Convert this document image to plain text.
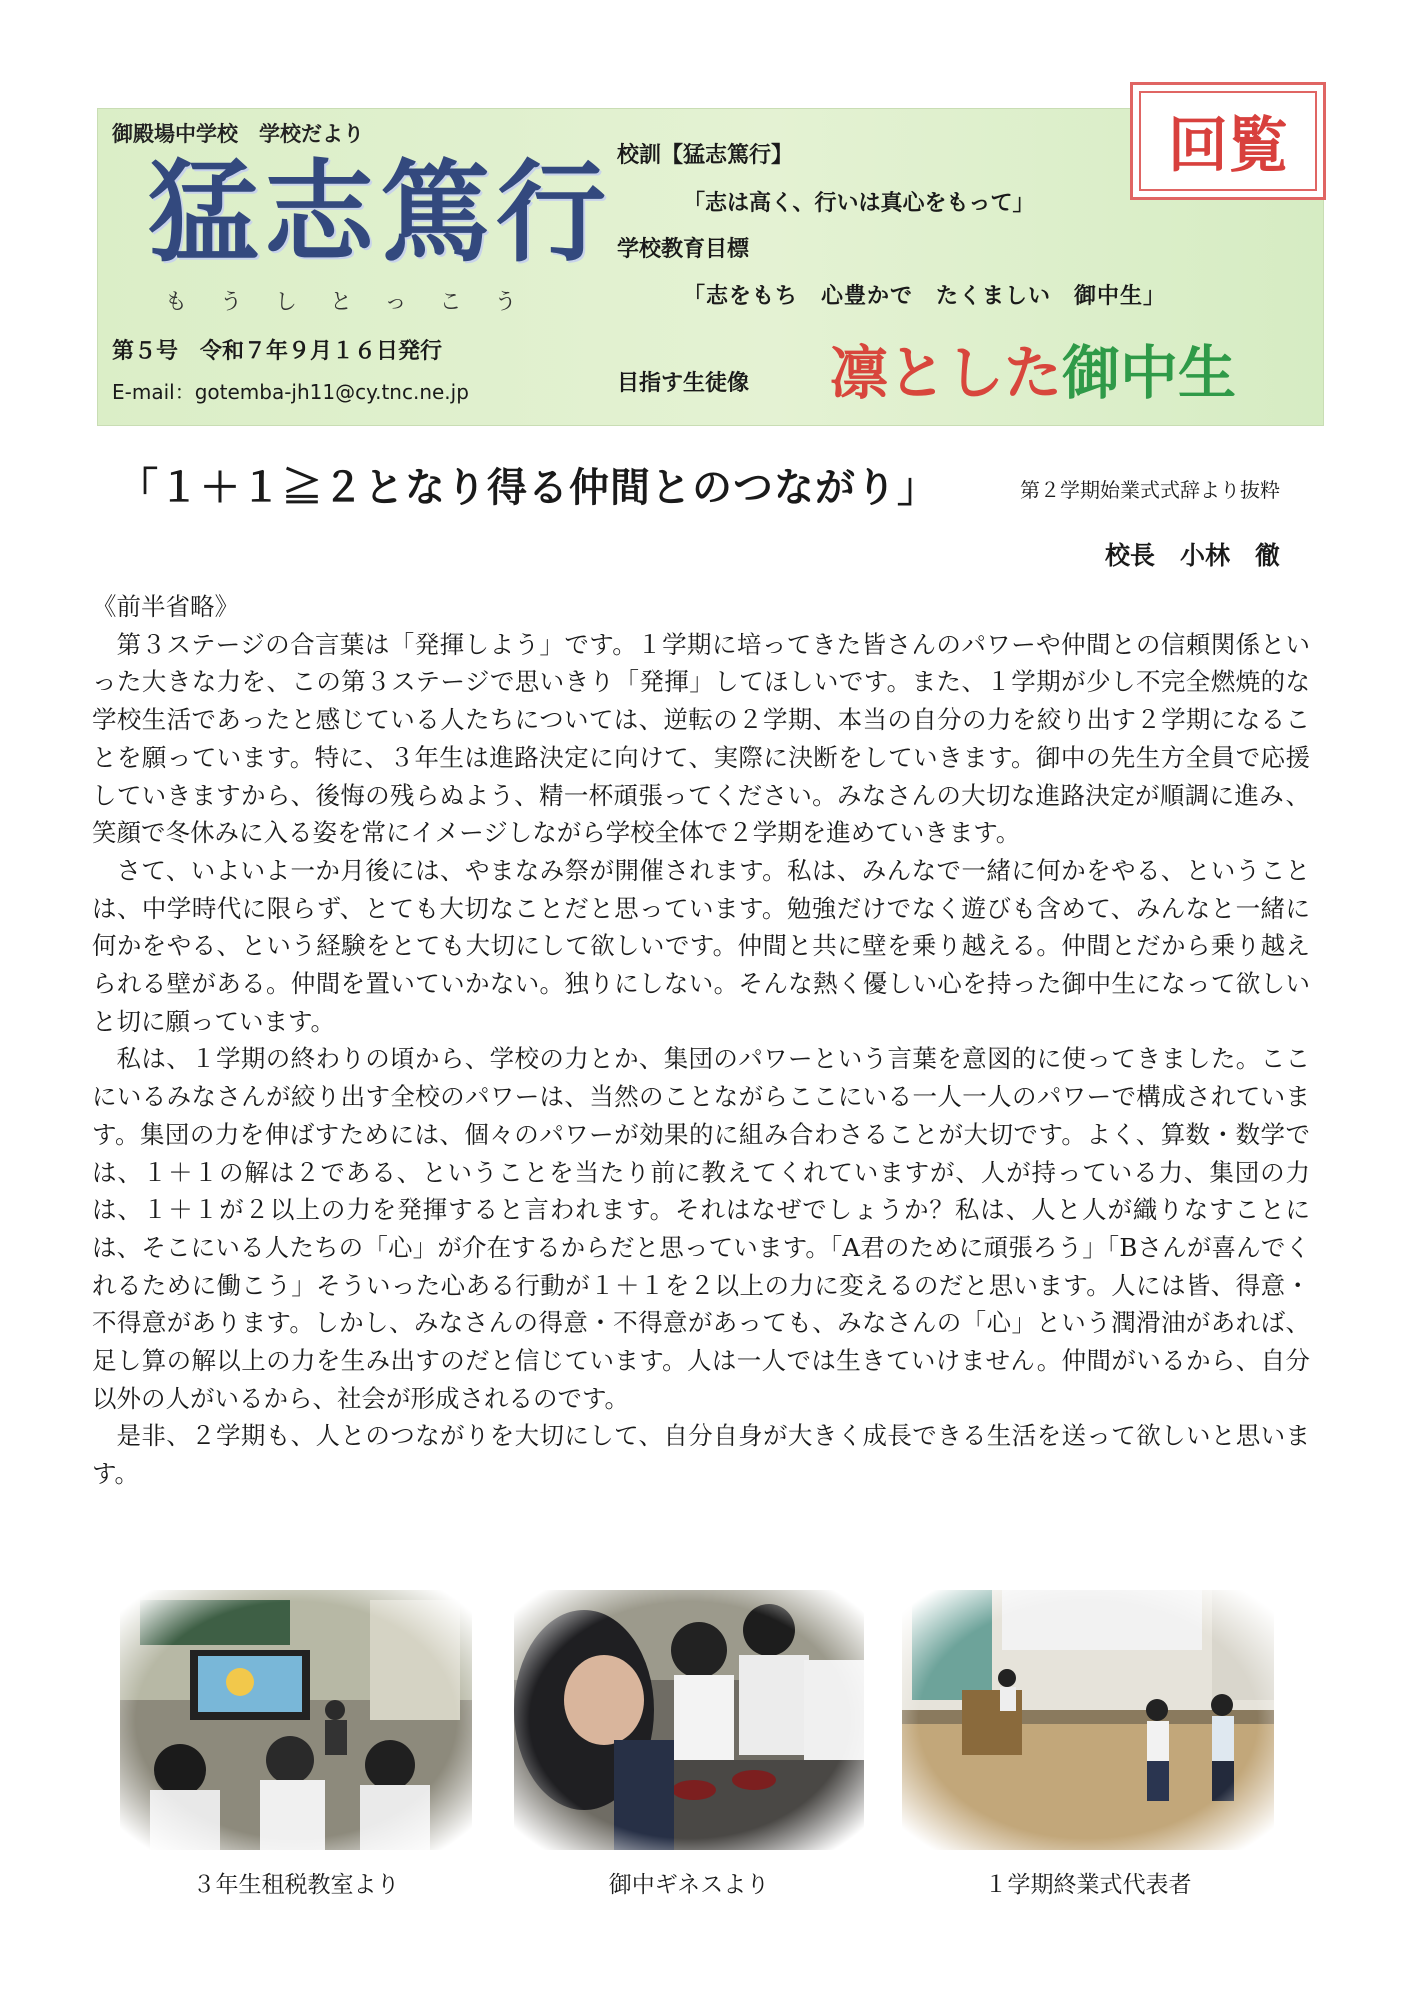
御殿場中学校　学校だより
猛志篤行
もうしとっこう
第５号　令和７年９月１６日発行
E-mail：gotemba-jh11@cy.tnc.ne.jp
校訓【猛志篤行】
「志は高く、行いは真心をもって」
学校教育目標
「志をもち　心豊かで　たくましい　御中生」
目指す生徒像 凛とした御中生
回覧
「１＋１≧２となり得る仲間とのつながり」	第２学期始業式式辞より抜粋
校長　小林　徹

《前半省略》

第３ステージの合言葉は「発揮しよう」です。１学期に培ってきた皆さんのパワーや仲間との信頼関係といった大きな力を、この第３ステージで思いきり「発揮」してほしいです。また、１学期が少し不完全燃焼的な学校生活であったと感じている人たちについては、逆転の２学期、本当の自分の力を絞り出す２学期になることを願っています。特に、３年生は進路決定に向けて、実際に決断をしていきます。御中の先生方全員で応援していきますから、後悔の残らぬよう、精一杯頑張ってください。みなさんの大切な進路決定が順調に進み、笑顔で冬休みに入る姿を常にイメージしながら学校全体で２学期を進めていきます。

さて、いよいよ一か月後には、やまなみ祭が開催されます。私は、みんなで一緒に何かをやる、ということは、中学時代に限らず、とても大切なことだと思っています。勉強だけでなく遊びも含めて、みんなと一緒に何かをやる、という経験をとても大切にして欲しいです。仲間と共に壁を乗り越える。仲間とだから乗り越えられる壁がある。仲間を置いていかない。独りにしない。そんな熱く優しい心を持った御中生になって欲しいと切に願っています。

私は、１学期の終わりの頃から、学校の力とか、集団のパワーという言葉を意図的に使ってきました。ここにいるみなさんが絞り出す全校のパワーは、当然のことながらここにいる一人一人のパワーで構成されています。集団の力を伸ばすためには、個々のパワーが効果的に組み合わさることが大切です。よく、算数・数学では、１＋１の解は２である、ということを当たり前に教えてくれていますが、人が持っている力、集団の力は、１＋１が２以上の力を発揮すると言われます。それはなぜでしょうか？私は、人と人が織りなすことには、そこにいる人たちの「心」が介在するからだと思っています。「A君のために頑張ろう」「Bさんが喜んでくれるために働こう」そういった心ある行動が１＋１を２以上の力に変えるのだと思います。人には皆、得意・不得意があります。しかし、みなさんの得意・不得意があっても、みなさんの「心」という潤滑油があれば、足し算の解以上の力を生み出すのだと信じています。人は一人では生きていけません。仲間がいるから、自分以外の人がいるから、社会が形成されるのです。

是非、２学期も、人とのつながりを大切にして、自分自身が大きく成長できる生活を送って欲しいと思います。

３年生租税教室より	御中ギネスより	１学期終業式代表者
